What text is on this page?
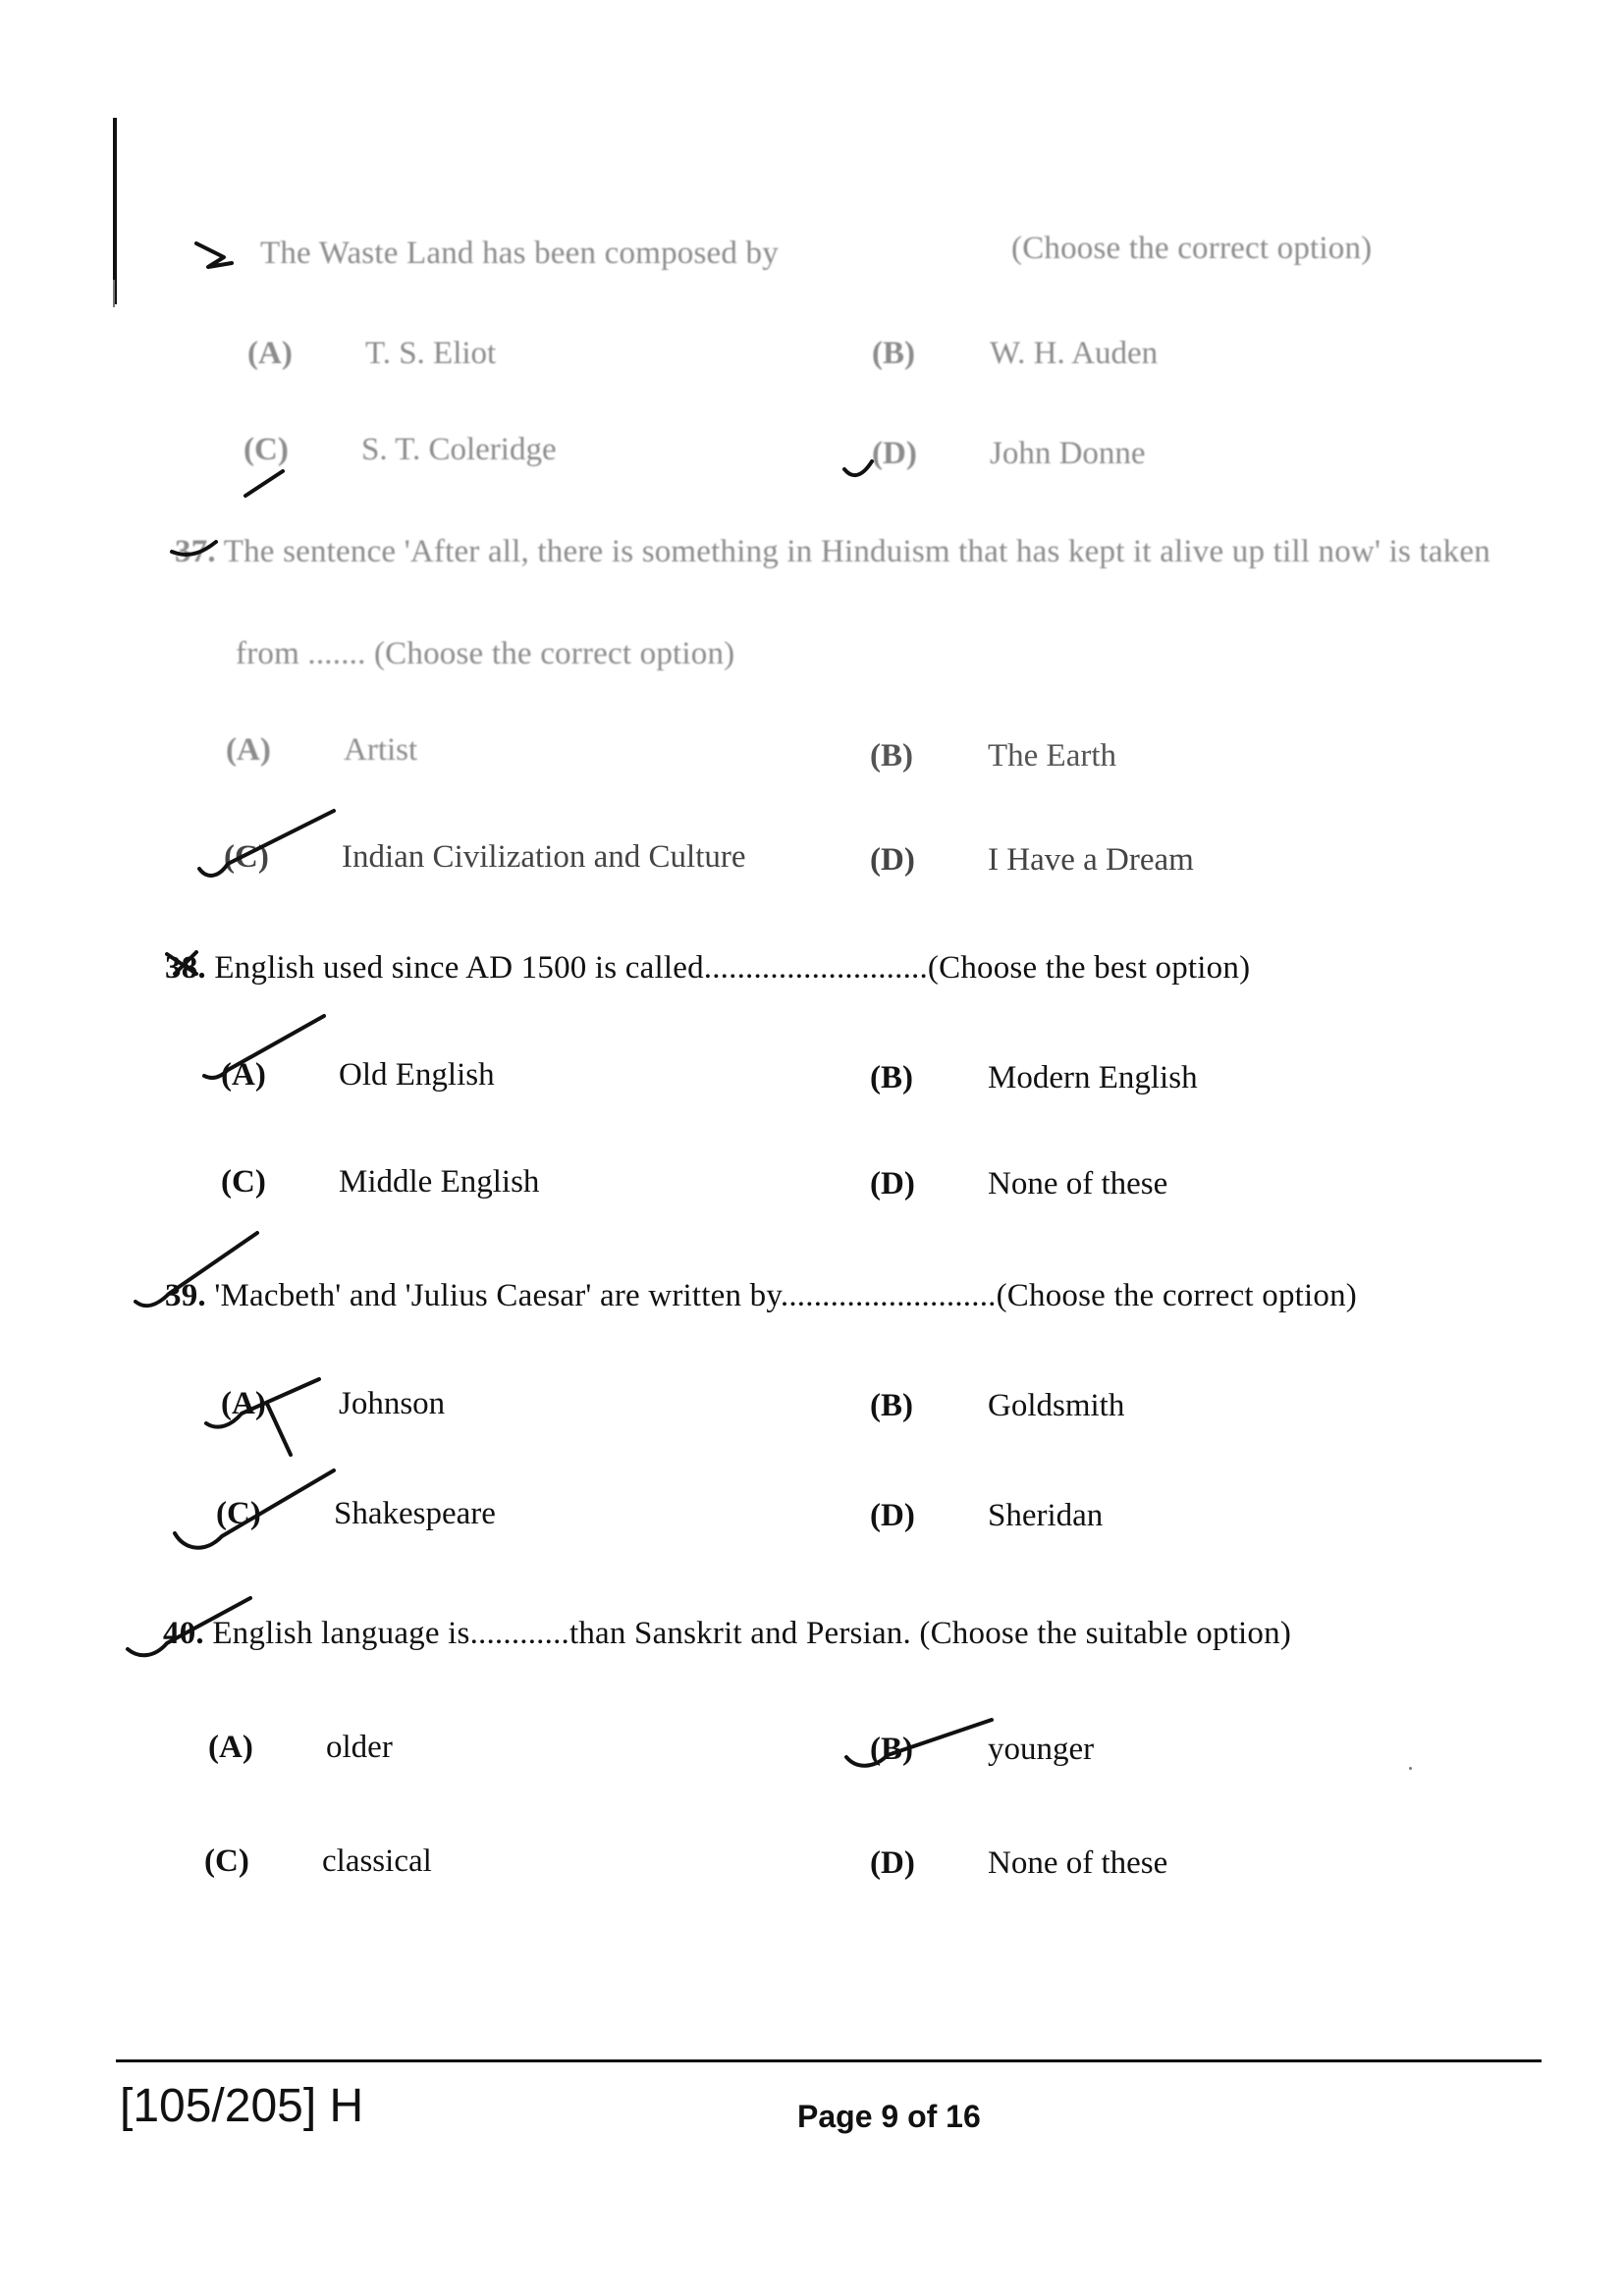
The Waste Land has been composed by	(Choose the correct option)
(A) T. S. Eliot	(B) W. H. Auden
(C) S. T. Coleridge	(D) John Donne
37. The sentence 'After all, there is something in Hinduism that has kept it alive up till now' is taken
from ....... (Choose the correct option)
(A) Artist	(B) The Earth
(C) Indian Civilization and Culture	(D) I Have a Dream
38. English used since AD 1500 is called...........................(Choose the best option)
(A) Old English	(B) Modern English
(C) Middle English	(D) None of these
39. 'Macbeth' and 'Julius Caesar' are written by..........................(Choose the correct option)
(A) Johnson	(B) Goldsmith
(C) Shakespeare	(D) Sheridan
40. English language is............than Sanskrit and Persian. (Choose the suitable option)
(A) older	(B) younger
(C) classical	(D) None of these
[105/205] H	Page 9 of 16
